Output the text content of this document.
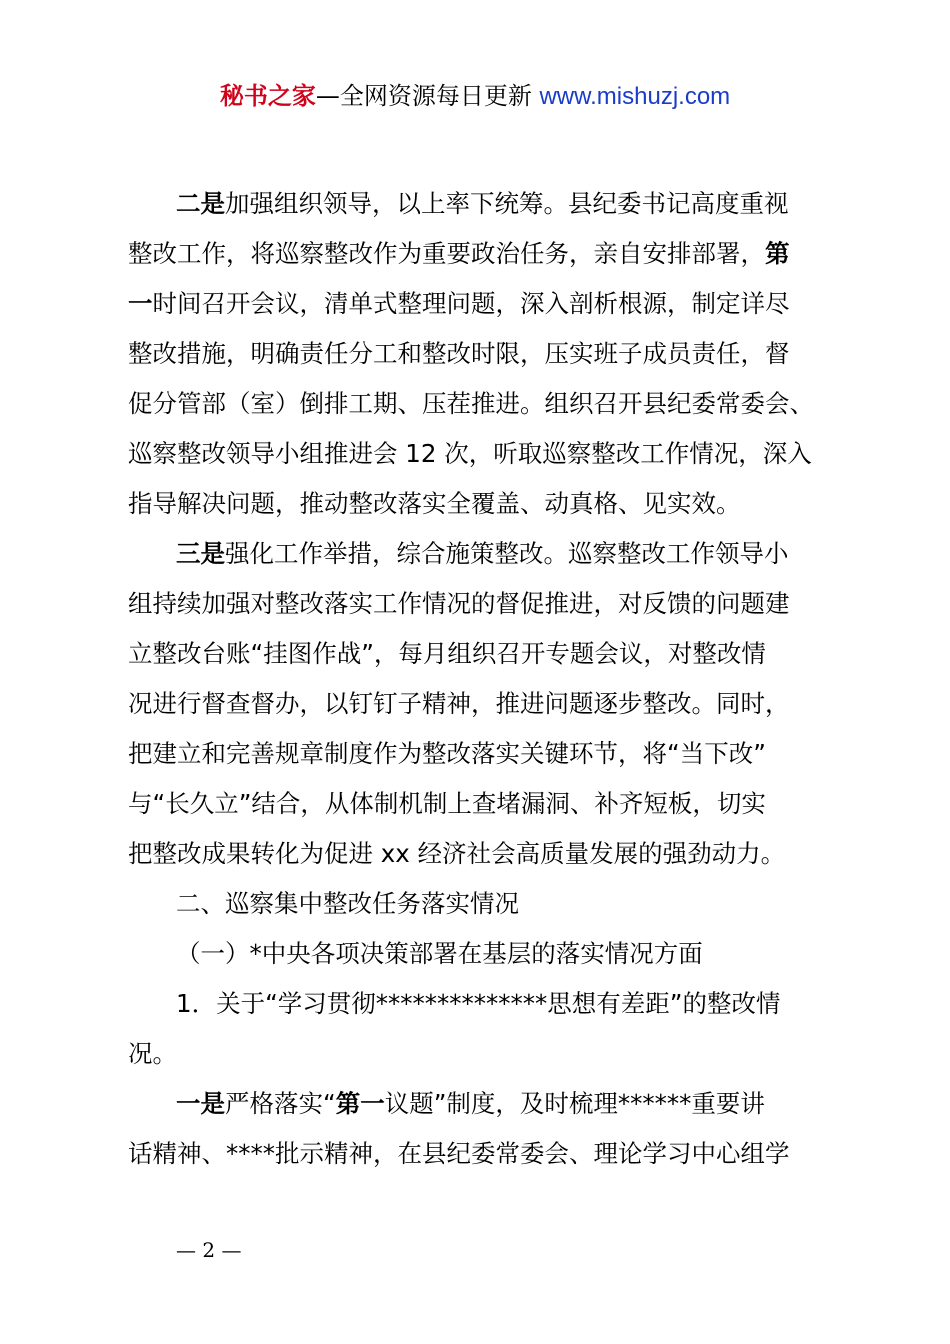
秘书之家—全网资源每日更新 www.mishuzj.com
二是加强组织领导，以上率下统筹。县纪委书记高度重视
整改工作，将巡察整改作为重要政治任务，亲自安排部署，第
一时间召开会议，清单式整理问题，深入剖析根源，制定详尽
整改措施，明确责任分工和整改时限，压实班子成员责任，督
促分管部（室）倒排工期、压茬推进。组织召开县纪委常委会、
巡察整改领导小组推进会 12 次，听取巡察整改工作情况，深入
指导解决问题，推动整改落实全覆盖、动真格、见实效。
三是强化工作举措，综合施策整改。巡察整改工作领导小
组持续加强对整改落实工作情况的督促推进，对反馈的问题建
立整改台账“挂图作战”，每月组织召开专题会议，对整改情
况进行督查督办，以钉钉子精神，推进问题逐步整改。同时，
把建立和完善规章制度作为整改落实关键环节，将“当下改”
与“长久立”结合，从体制机制上查堵漏洞、补齐短板，切实
把整改成果转化为促进 xx 经济社会高质量发展的强劲动力。
二、巡察集中整改任务落实情况
（一）*中央各项决策部署在基层的落实情况方面
1．关于“学习贯彻**************思想有差距”的整改情
况。
一是严格落实“第一议题”制度，及时梳理******重要讲
话精神、****批示精神，在县纪委常委会、理论学习中心组学
— 2 —
